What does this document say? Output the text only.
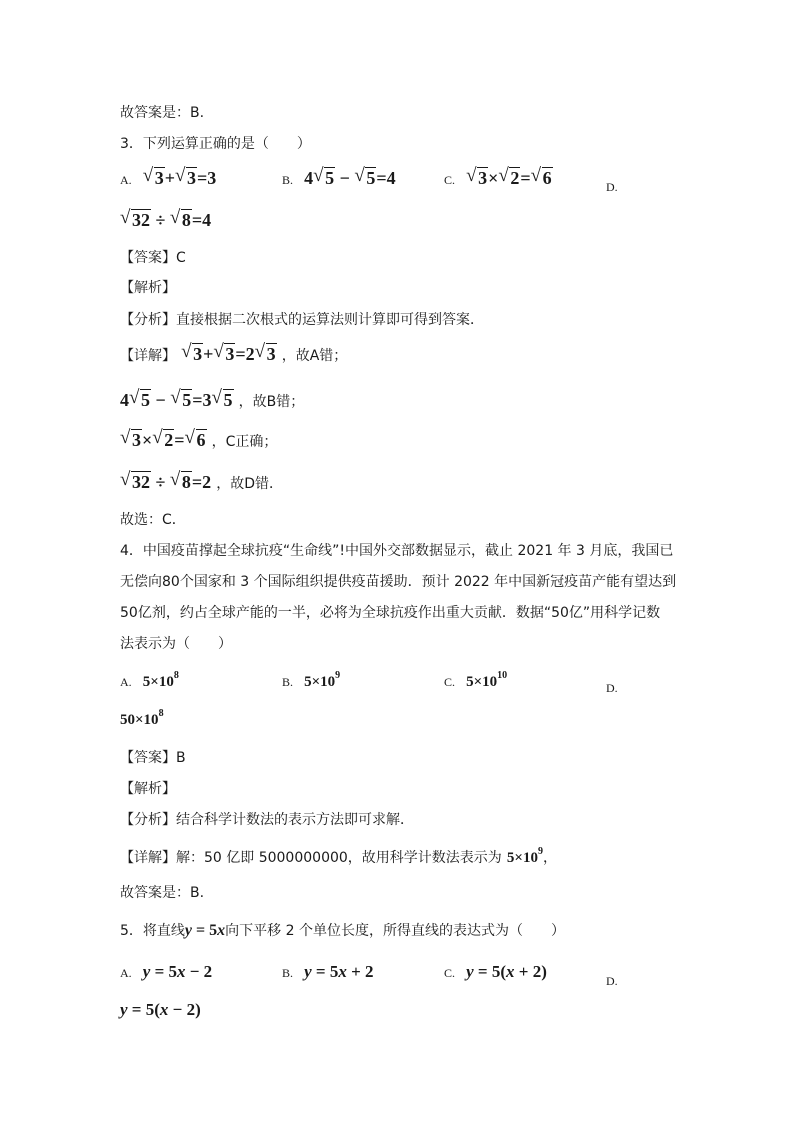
故答案是：B.
3．下列运算正确的是（　　）
A. √ 3+ √ 3=3	B. 4 √ 5 − √ 5=4	C. √ 3× √ 2= √ 6	D.
√ 32 ÷ √ 8=4
【答案】C
【解析】
【分析】直接根据二次根式的运算法则计算即可得到答案．
【详解】 √ 3+ √ 3=2 √ 3 ，故A错；
4 √ 5 − √ 5=3 √ 5 ，故B错；
√ 3× √ 2= √ 6 ，C正确；
√ 32 ÷ √ 8=2 ，故D错．
故选：C．
4．中国疫苗撑起全球抗疫“生命线”!中国外交部数据显示，截止 2021 年 3 月底，我国已
无偿向80个国家和 3 个国际组织提供疫苗援助．预计 2022 年中国新冠疫苗产能有望达到
50亿剂，约占全球产能的一半，必将为全球抗疫作出重大贡献．数据“50亿”用科学记数
法表示为（　　）
A. $5\times 10^8$	B. $5\times 10^9$	C. $5\times 10^{10}$
D.
$50\times 10^8$
【答案】B
【解析】
【分析】结合科学计数法的表示方法即可求解．
【详解】解：50 亿即 5000000000，故用科学计数法表示为 $5\times 10^9$，
故答案是：B.
5．将直线y = 5x向下平移 2 个单位长度，所得直线的表达式为（　　）
A. y = 5x − 2	B. y = 5x + 2	C. y = 5(x + 2)	D.
y = 5(x − 2)
